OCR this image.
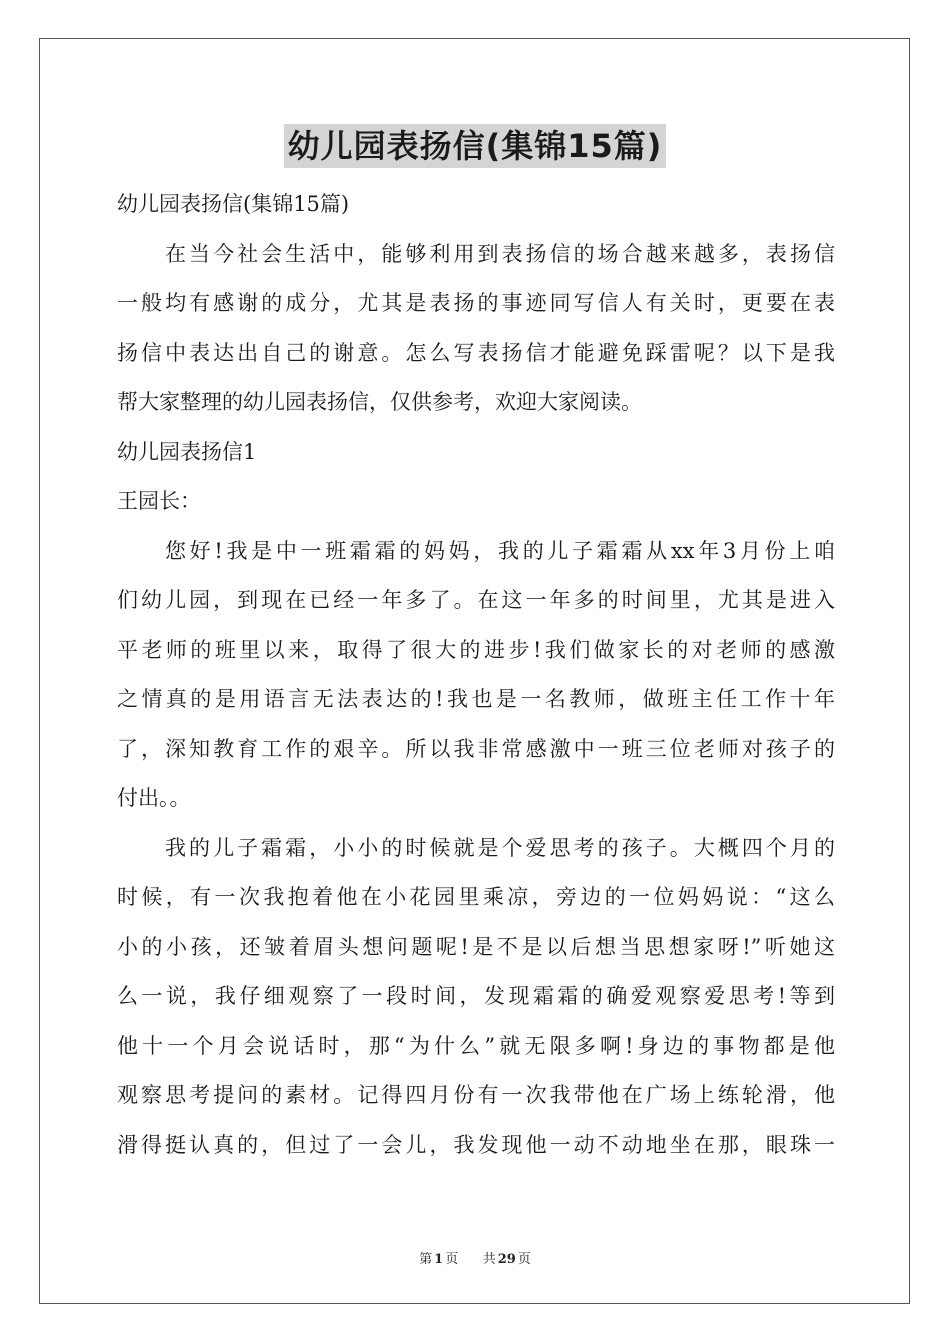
幼儿园表扬信(集锦15篇)
幼儿园表扬信(集锦15篇)
在当今社会生活中，能够利用到表扬信的场合越来越多，表扬信
一般均有感谢的成分，尤其是表扬的事迹同写信人有关时，更要在表
扬信中表达出自己的谢意。怎么写表扬信才能避免踩雷呢？以下是我
帮大家整理的幼儿园表扬信，仅供参考，欢迎大家阅读。
幼儿园表扬信1
王园长：
您好!我是中一班霜霜的妈妈，我的儿子霜霜从xx年3月份上咱
们幼儿园，到现在已经一年多了。在这一年多的时间里，尤其是进入
平老师的班里以来，取得了很大的进步!我们做家长的对老师的感激
之情真的是用语言无法表达的!我也是一名教师，做班主任工作十年
了，深知教育工作的艰辛。所以我非常感激中一班三位老师对孩子的
付出。。
我的儿子霜霜，小小的时候就是个爱思考的孩子。大概四个月的
时候，有一次我抱着他在小花园里乘凉，旁边的一位妈妈说：“这么
小的小孩，还皱着眉头想问题呢!是不是以后想当思想家呀!”听她这
么一说，我仔细观察了一段时间，发现霜霜的确爱观察爱思考!等到
他十一个月会说话时，那“为什么”就无限多啊!身边的事物都是他
观察思考提问的素材。记得四月份有一次我带他在广场上练轮滑，他
滑得挺认真的，但过了一会儿，我发现他一动不动地坐在那，眼珠一
第 1 页 共 29 页
